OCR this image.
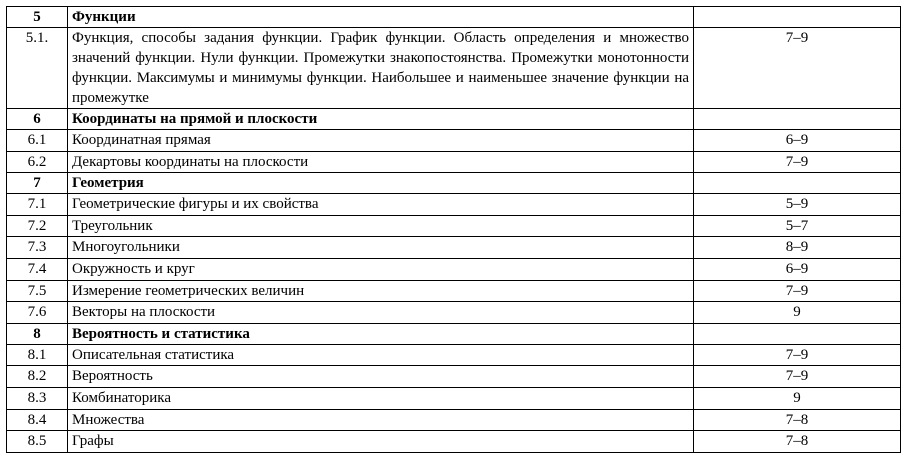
5	Функции	
5.1.	Функция, способы задания функции. График функции. Область определения и множество значений функции. Нули функции. Промежутки знакопостоянства. Промежутки монотонности функции. Максимумы и минимумы функции. Наибольшее и наименьшее значение функции на промежутке	7–9
6	Координаты на прямой и плоскости	
6.1	Координатная прямая	6–9
6.2	Декартовы координаты на плоскости	7–9
7	Геометрия	
7.1	Геометрические фигуры и их свойства	5–9
7.2	Треугольник	5–7
7.3	Многоугольники	8–9
7.4	Окружность и круг	6–9
7.5	Измерение геометрических величин	7–9
7.6	Векторы на плоскости	9
8	Вероятность и статистика	
8.1	Описательная статистика	7–9
8.2	Вероятность	7–9
8.3	Комбинаторика	9
8.4	Множества	7–8
8.5	Графы	7–8
